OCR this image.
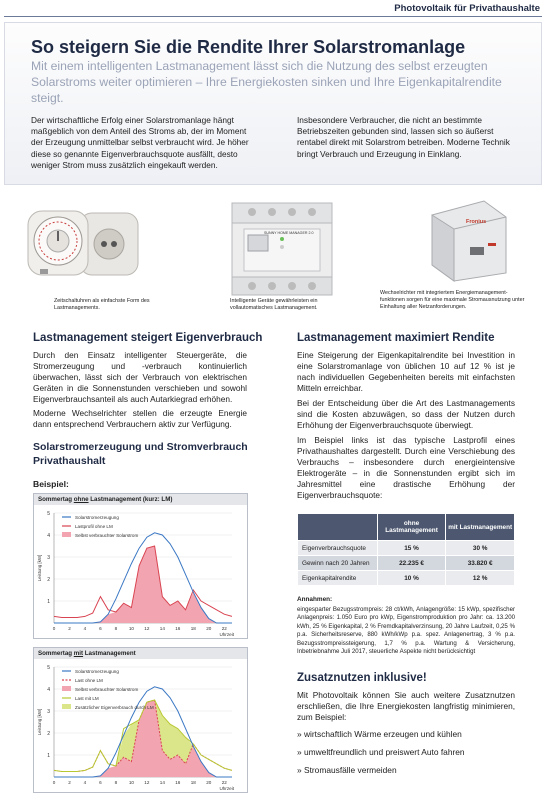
Photovoltaik für Privathaushalte
So steigern Sie die Rendite Ihrer Solarstromanlage

Mit einem intelligenten Lastmanagement lässt sich die Nutzung des selbst erzeugten Solarstroms weiter optimieren – Ihre Energiekosten sinken und Ihre Eigenkapitalrendite steigt.

Der wirtschaftliche Erfolg einer Solarstromanlage hängt maßgeblich von dem Anteil des Stroms ab, der im Moment der Erzeugung unmittelbar selbst verbraucht wird. Je höher diese so genannte Eigenverbrauchsquote ausfällt, desto weniger Strom muss zusätzlich eingekauft werden.

Insbesondere Verbraucher, die nicht an bestimmte Betriebszeiten gebunden sind, lassen sich so äußerst rentabel direkt mit Solarstrom betreiben. Moderne Technik bringt Verbrauch und Erzeugung in Einklang.

Zeitschaltuhren als einfachste Form des Lastmanagements.
SUNNY HOME MANAGER 2.0
Intelligente Geräte gewährleisten ein vollautomatisches Lastmanagement.
Fronius
Wechselrichter mit integriertem Energiemanagement-funktionen sorgen für eine maximale Stromausnutzung unter Einhaltung aller Netzanforderungen.
Lastmanagement steigert Eigenverbrauch

Durch den Einsatz intelligenter Steuergeräte, die Stromerzeugung und -verbrauch kontinuierlich überwachen, lässt sich der Verbrauch von elektrischen Geräten in die Sonnenstunden verschieben und sowohl Eigenverbrauchsanteil als auch Autarkiegrad erhöhen.

Moderne Wechselrichter stellen die erzeugte Energie dann entsprechend Verbrauchern aktiv zur Verfügung.

Solarstromerzeugung und Stromverbrauch
Privathaushalt
Beispiel:
Sommertag ohne Lastmanagement (kurz: LM)
1
2
3
4
5
0	2	4	6	8	10 12 14 16 18 20 22
Uhrzeit
Leistung [kW]
Solarstromerzeugung
Lastprofil ohne LM
Selbst verbrauchter Solarstrom
Sommertag mit Lastmanagement
1
2
3
4
5
0	2	4	6	8	10 12 14 16 18 20 22
Uhrzeit
Leistung [kW]
Solarstromerzeugung
Last ohne LM
Selbst verbrauchter Solarstrom
Last mit LM
Zusätzlicher Eigenverbrauch durch LM
Lastmanagement maximiert Rendite

Eine Steigerung der Eigenkapitalrendite bei Investition in eine Solarstromanlage von üblichen 10 auf 12 % ist je nach individuellen Gegebenheiten bereits mit einfachsten Mitteln erreichbar.

Bei der Entscheidung über die Art des Lastmanagements sind die Kosten abzuwägen, so dass der Nutzen durch Erhöhung der Eigenverbrauchsquote überwiegt.

Im Beispiel links ist das typische Lastprofil eines Privathaushaltes dargestellt. Durch eine Verschiebung des Verbrauchs – insbesondere durch energieintensive Elektrogeräte – in die Sonnenstunden ergibt sich im Jahresmittel eine drastische Erhöhung der Eigenverbrauchsquote:

	ohne Lastmanagement	mit Lastmanagement
Eigenverbrauchsquote	15 %	30 %
Gewinn nach 20 Jahren	22.235 €	33.820 €
Eigenkapitalrendite	10 %	12 %
Annahmen:

eingesparter Bezugsstrompreis: 28 ct/kWh, Anlagengröße: 15 kWp, spezifischer Anlagenpreis: 1.050 Euro pro kWp, Eigenstromproduktion pro Jahr: ca. 13.200 kWh, 25 % Eigenkapital, 2 % Fremdkapitalverzinsung, 20 Jahre Laufzeit, 0,25 % p.a. Sicherheitsreserve, 880 kWh/kWp p.a. spez. Anlagenertrag, 3 % p.a. Bezugsstrompreissteigerung, 1,7 % p.a. Wartung & Versicherung, Inbetriebnahme Juli 2017, steuerliche Aspekte nicht berücksichtigt

Zusatznutzen inklusive!

Mit Photovoltaik können Sie auch weitere Zusatznutzen erschließen, die Ihre Energiekosten langfristig minimieren, zum Beispiel:

» wirtschaftlich Wärme erzeugen und kühlen
» umweltfreundlich und preiswert Auto fahren
» Stromausfälle vermeiden
